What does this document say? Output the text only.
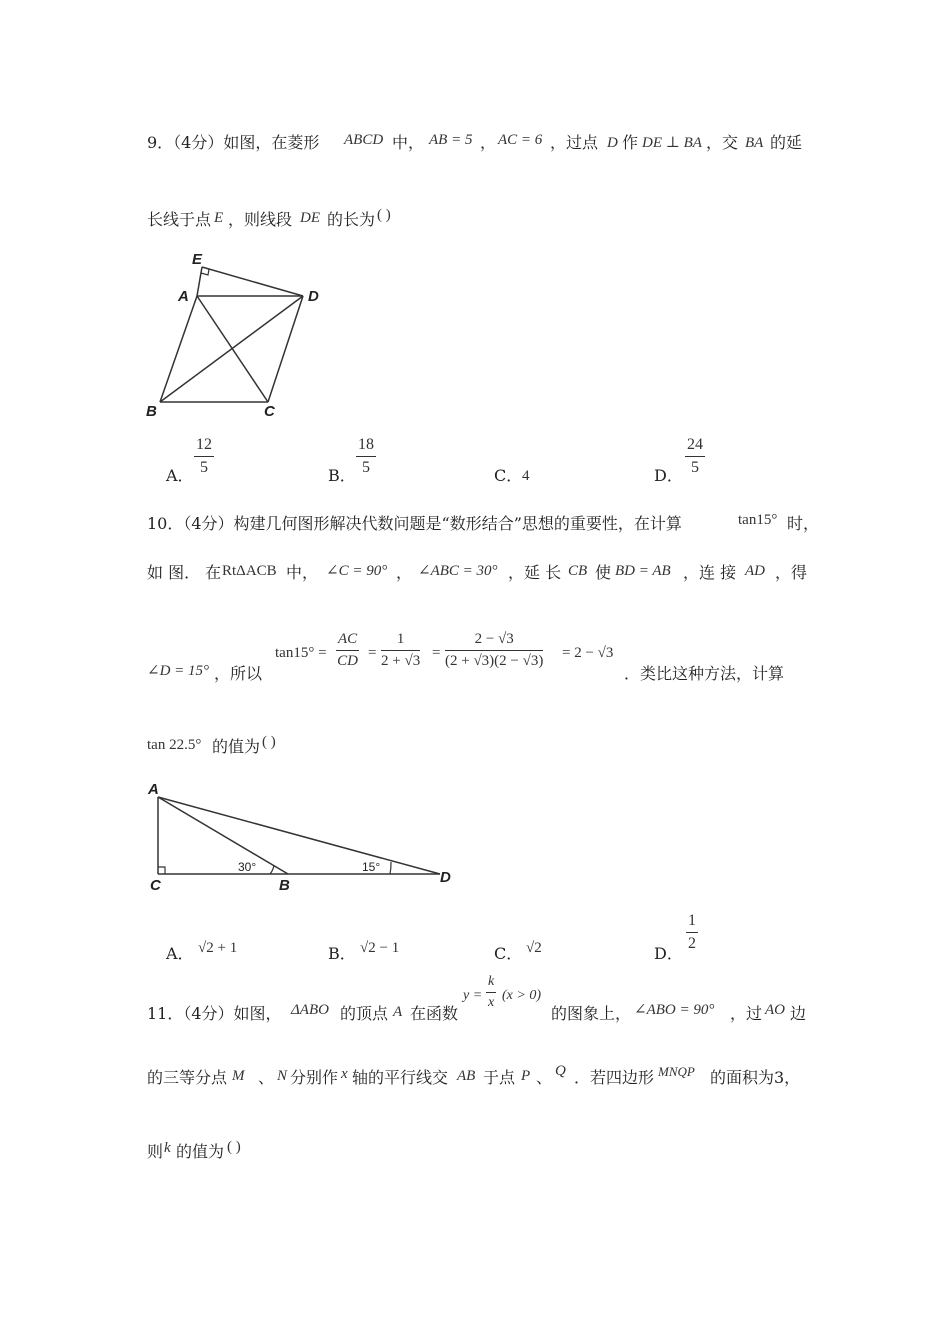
9．（4分）如图，在菱形 ABCD 中， AB = 5 ， AC = 6 ，过点 D 作 DE ⊥ BA ，交 BA 的延
长线于点 E ，则线段 DE 的长为 ( )
E
A	D
B	C
A．
12
5	B．
18
5	C． 4	D．
24
5
10．（4分）构建几何图形解决代数问题是“数形结合”思想的重要性，在计算	tan15° 时，
如 图． 在 RtΔACB 中， ∠C = 90° ， ∠ABC = 30° ，延 长 CB 使 BD = AB ，连 接 AD ，得
∠D = 15° ，所以
tan15° =
AC
CD =
1
2 + √3 =
2 − √3
(2 + √3)(2 − √3) = 2 − √3
．类比这种方法，计算
tan 22.5° 的值为 ( )
A
C	B	D
30°	15°
A． √2 + 1	B． √2 − 1	C． √2	D．
1
2
11．（4分）如图， ΔABO 的顶点 A 在函数
y =
k
x (x > 0)
的图象上， ∠ABO = 90° ，过 AO 边
的三等分点 M 、 N 分别作 x 轴的平行线交 AB 于点 P 、 Q ．若四边形 MNQP 的面积为3，
则 k 的值为 ( )
